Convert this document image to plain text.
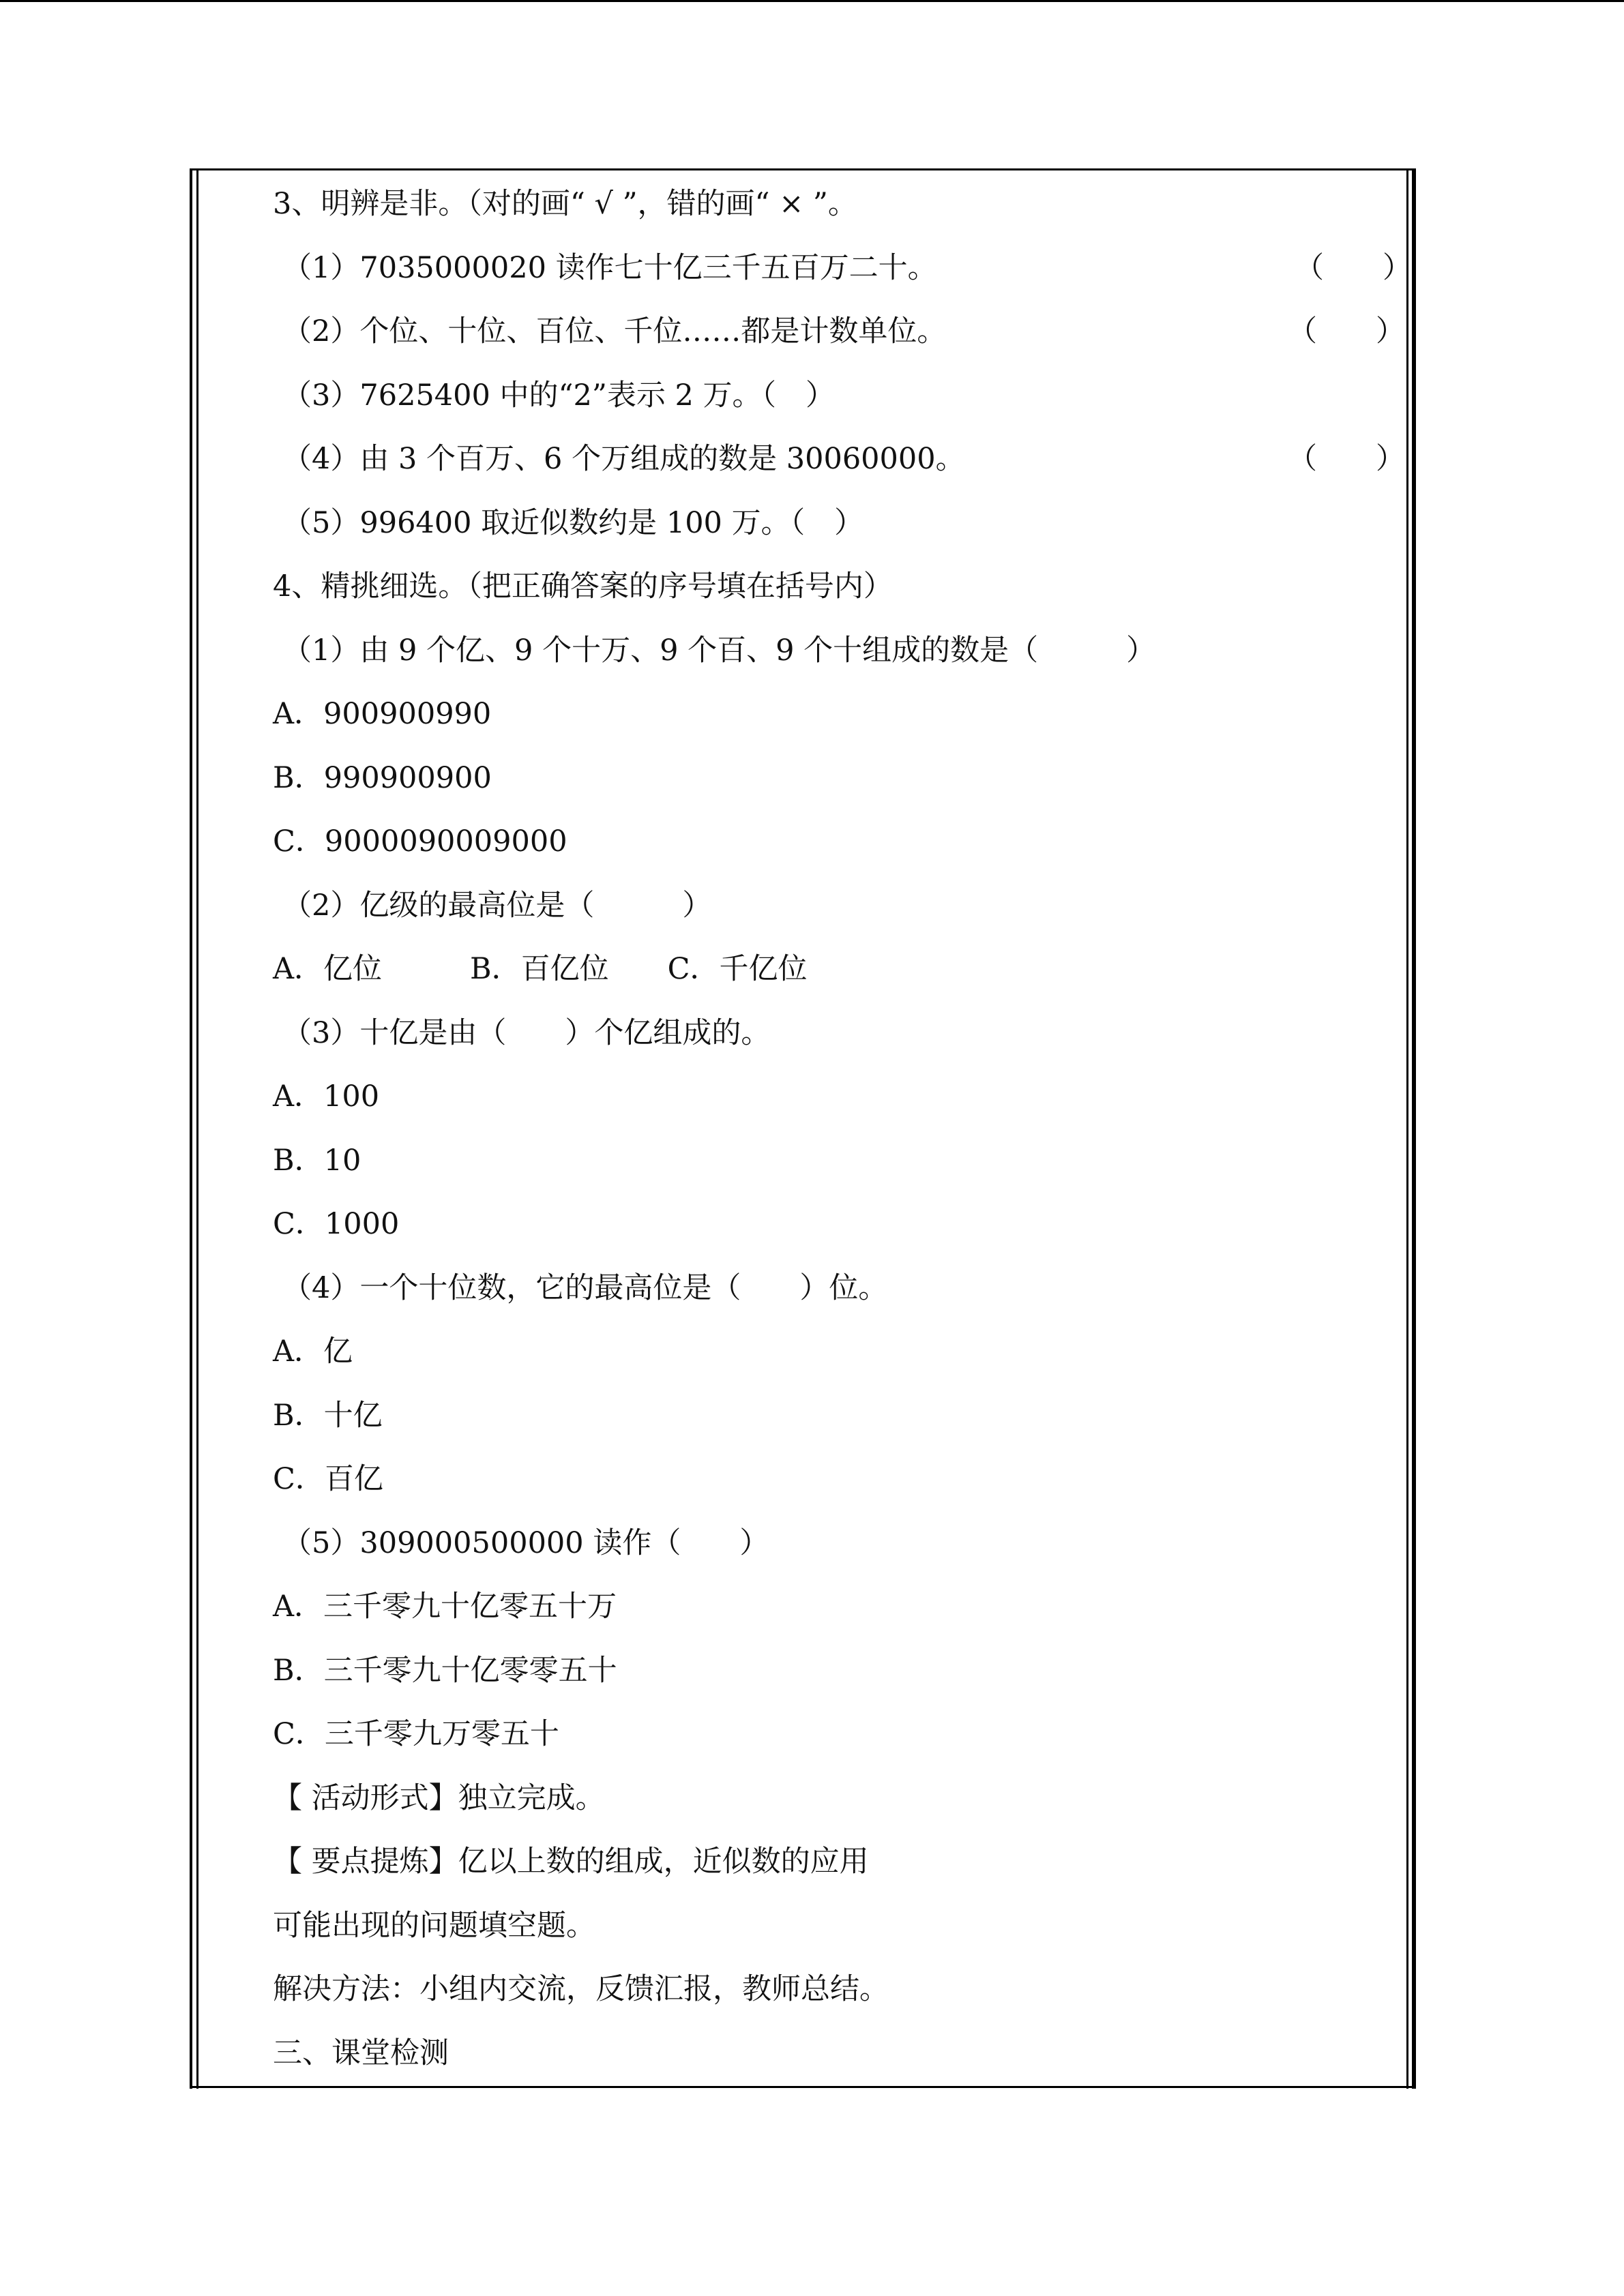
3、明辨是非。（对的画“ √ ”，错的画“ × ”。
（1）7035000020 读作七十亿三千五百万二十。	（　　）
（2）个位、十位、百位、千位……都是计数单位。	（　　）
（3）7625400 中的“2”表示 2 万。（　）
（4）由 3 个百万、6 个万组成的数是 30060000。	（　　）
（5）996400 取近似数约是 100 万。（　）
4、精挑细选。（把正确答案的序号填在括号内）
（1）由 9 个亿、9 个十万、9 个百、9 个十组成的数是（　　　）
A．900900990
B．990900900
C．9000090009000
（2）亿级的最高位是（　　　）
A．亿位　　　B．百亿位　　C．千亿位
（3）十亿是由（　　）个亿组成的。
A．100
B．10
C．1000
（4）一个十位数，它的最高位是（　　）位。
A．亿
B．十亿
C．百亿
（5）309000500000 读作（　　）
A．三千零九十亿零五十万
B．三千零九十亿零零五十
C．三千零九万零五十
【 活动形式】独立完成。
【 要点提炼】亿以上数的组成，近似数的应用
可能出现的问题填空题。
解决方法：小组内交流，反馈汇报，教师总结。
三、课堂检测
